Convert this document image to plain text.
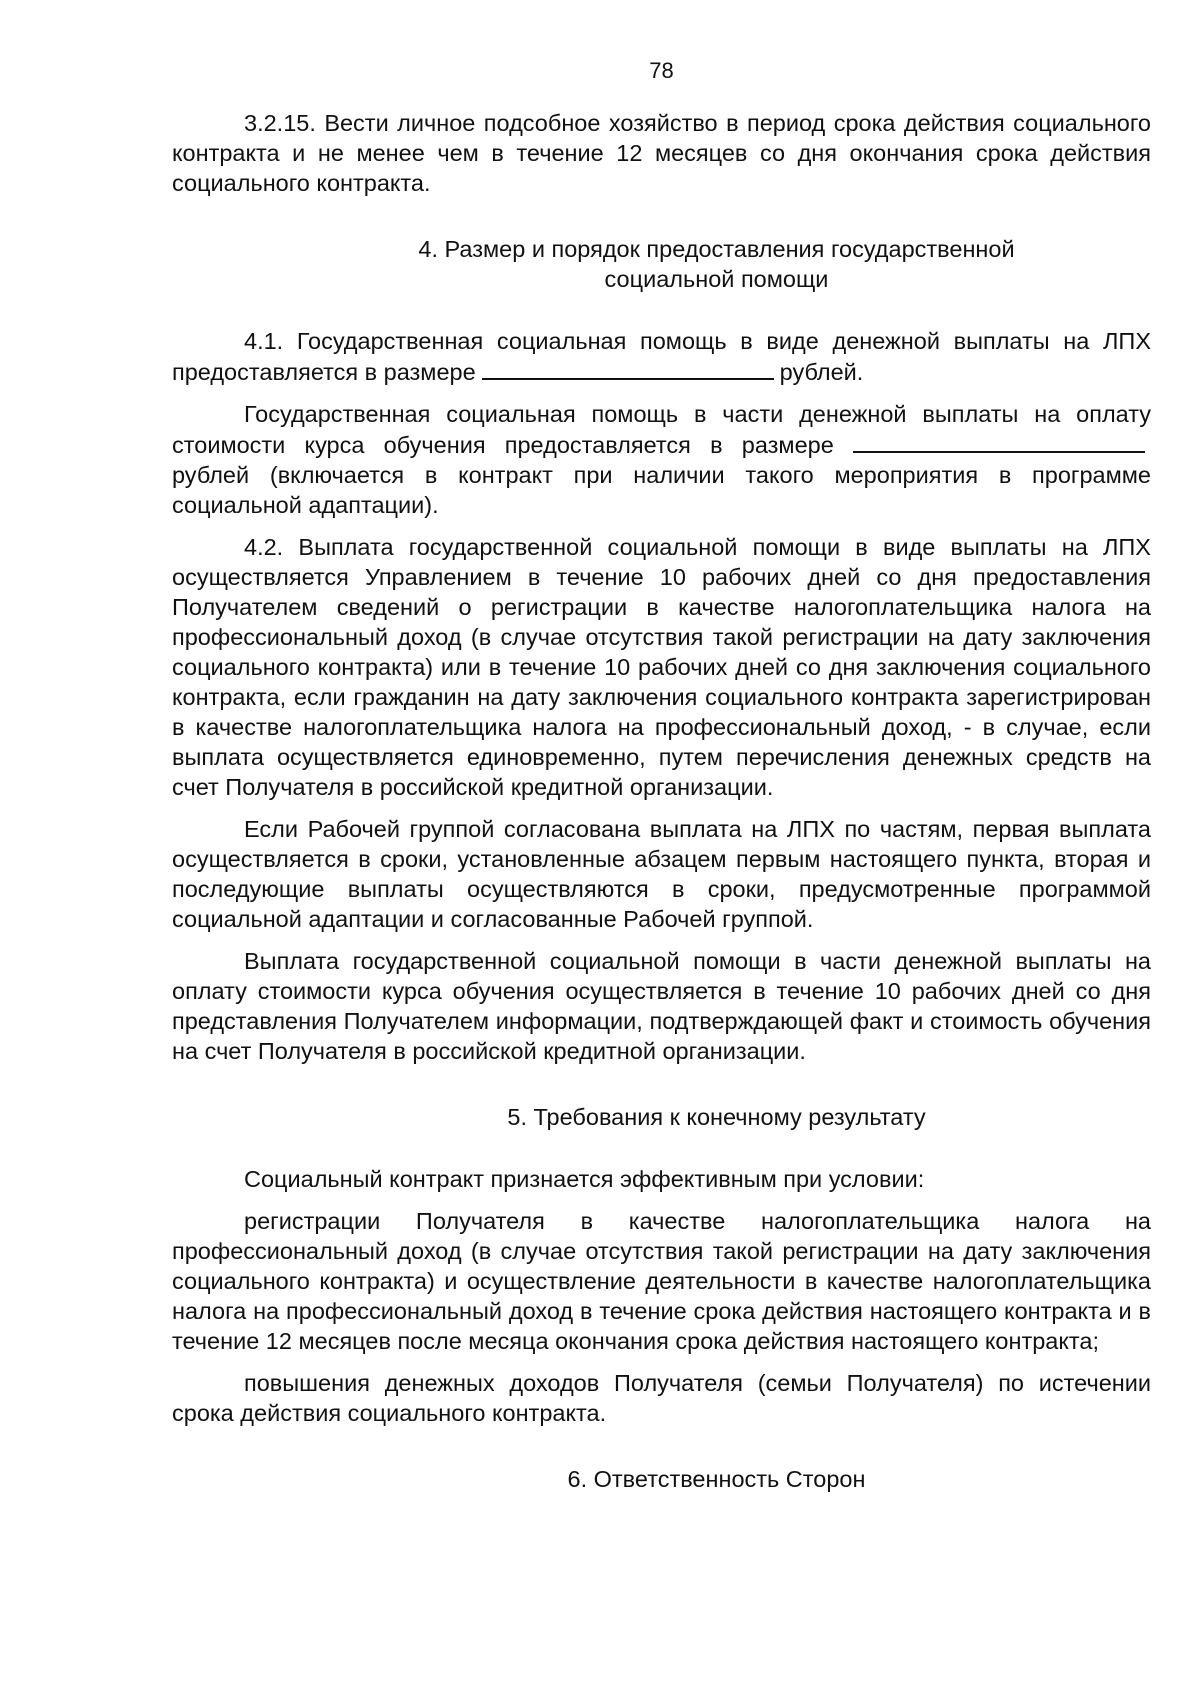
78

3.2.15. Вести личное подсобное хозяйство в период срока действия социального контракта и не менее чем в течение 12 месяцев со дня окончания срока действия социального контракта.

4. Размер и порядок предоставления государственной
социальной помощи

4.1. Государственная социальная помощь в виде денежной выплаты на ЛПХ предоставляется в размере	рублей.

Государственная социальная помощь в части денежной выплаты на оплату стоимости курса обучения предоставляется в размере рублей (включается в контракт при наличии такого мероприятия в программе социальной адаптации).

4.2. Выплата государственной социальной помощи в виде выплаты на ЛПХ осуществляется Управлением в течение 10 рабочих дней со дня предоставления Получателем сведений о регистрации в качестве налогоплательщика налога на профессиональный доход (в случае отсутствия такой регистрации на дату заключения социального контракта) или в течение 10 рабочих дней со дня заключения социального контракта, если гражданин на дату заключения социального контракта зарегистрирован в качестве налогоплательщика налога на профессиональный доход, - в случае, если выплата осуществляется единовременно, путем перечисления денежных средств на счет Получателя в российской кредитной организации.

Если Рабочей группой согласована выплата на ЛПХ по частям, первая выплата осуществляется в сроки, установленные абзацем первым настоящего пункта, вторая и последующие выплаты осуществляются в сроки, предусмотренные программой социальной адаптации и согласованные Рабочей группой.

Выплата государственной социальной помощи в части денежной выплаты на оплату стоимости курса обучения осуществляется в течение 10 рабочих дней со дня представления Получателем информации, подтверждающей факт и стоимость обучения на счет Получателя в российской кредитной организации.

5. Требования к конечному результату

Социальный контракт признается эффективным при условии:

регистрации Получателя в качестве налогоплательщика налога на профессиональный доход (в случае отсутствия такой регистрации на дату заключения социального контракта) и осуществление деятельности в качестве налогоплательщика налога на профессиональный доход в течение срока действия настоящего контракта и в течение 12 месяцев после месяца окончания срока действия настоящего контракта;

повышения денежных доходов Получателя (семьи Получателя) по истечении срока действия социального контракта.

6. Ответственность Сторон
